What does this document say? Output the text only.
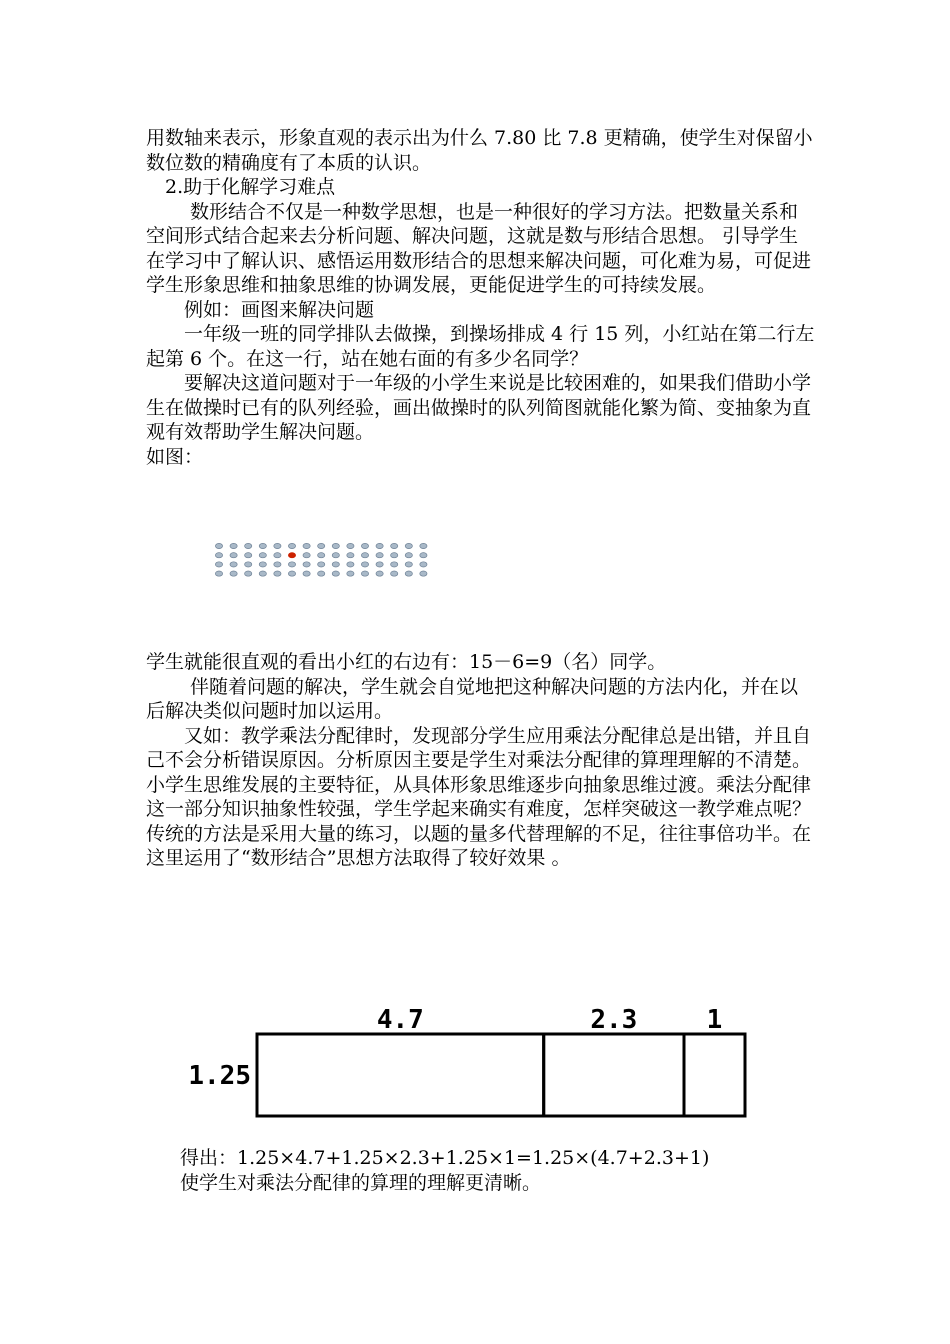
用数轴来表示，形象直观的表示出为什么 7.80 比 7.8 更精确，使学生对保留小数位数的精确度有了本质的认识。

2.助于化解学习难点

数形结合不仅是一种数学思想，也是一种很好的学习方法。把数量关系和空间形式结合起来去分析问题、解决问题，这就是数与形结合思想。 引导学生在学习中了解认识、感悟运用数形结合的思想来解决问题，可化难为易，可促进学生形象思维和抽象思维的协调发展，更能促进学生的可持续发展。

例如：画图来解决问题

一年级一班的同学排队去做操，到操场排成 4 行 15 列，小红站在第二行左起第 6 个。在这一行，站在她右面的有多少名同学？

要解决这道问题对于一年级的小学生来说是比较困难的，如果我们借助小学生在做操时已有的队列经验，画出做操时的队列简图就能化繁为简、变抽象为直观有效帮助学生解决问题。

如图：

学生就能很直观的看出小红的右边有：15－6=9（名）同学。

伴随着问题的解决，学生就会自觉地把这种解决问题的方法内化，并在以后解决类似问题时加以运用。

又如：教学乘法分配律时，发现部分学生应用乘法分配律总是出错，并且自己不会分析错误原因。分析原因主要是学生对乘法分配律的算理理解的不清楚。小学生思维发展的主要特征，从具体形象思维逐步向抽象思维过渡。乘法分配律这一部分知识抽象性较强，学生学起来确实有难度，怎样突破这一教学难点呢？传统的方法是采用大量的练习，以题的量多代替理解的不足，往往事倍功半。在这里运用了“数形结合”思想方法取得了较好效果 。

4.7	2.3	1
1.25

得出：1.25×4.7+1.25×2.3+1.25×1=1.25×(4.7+2.3+1)

使学生对乘法分配律的算理的理解更清晰。
